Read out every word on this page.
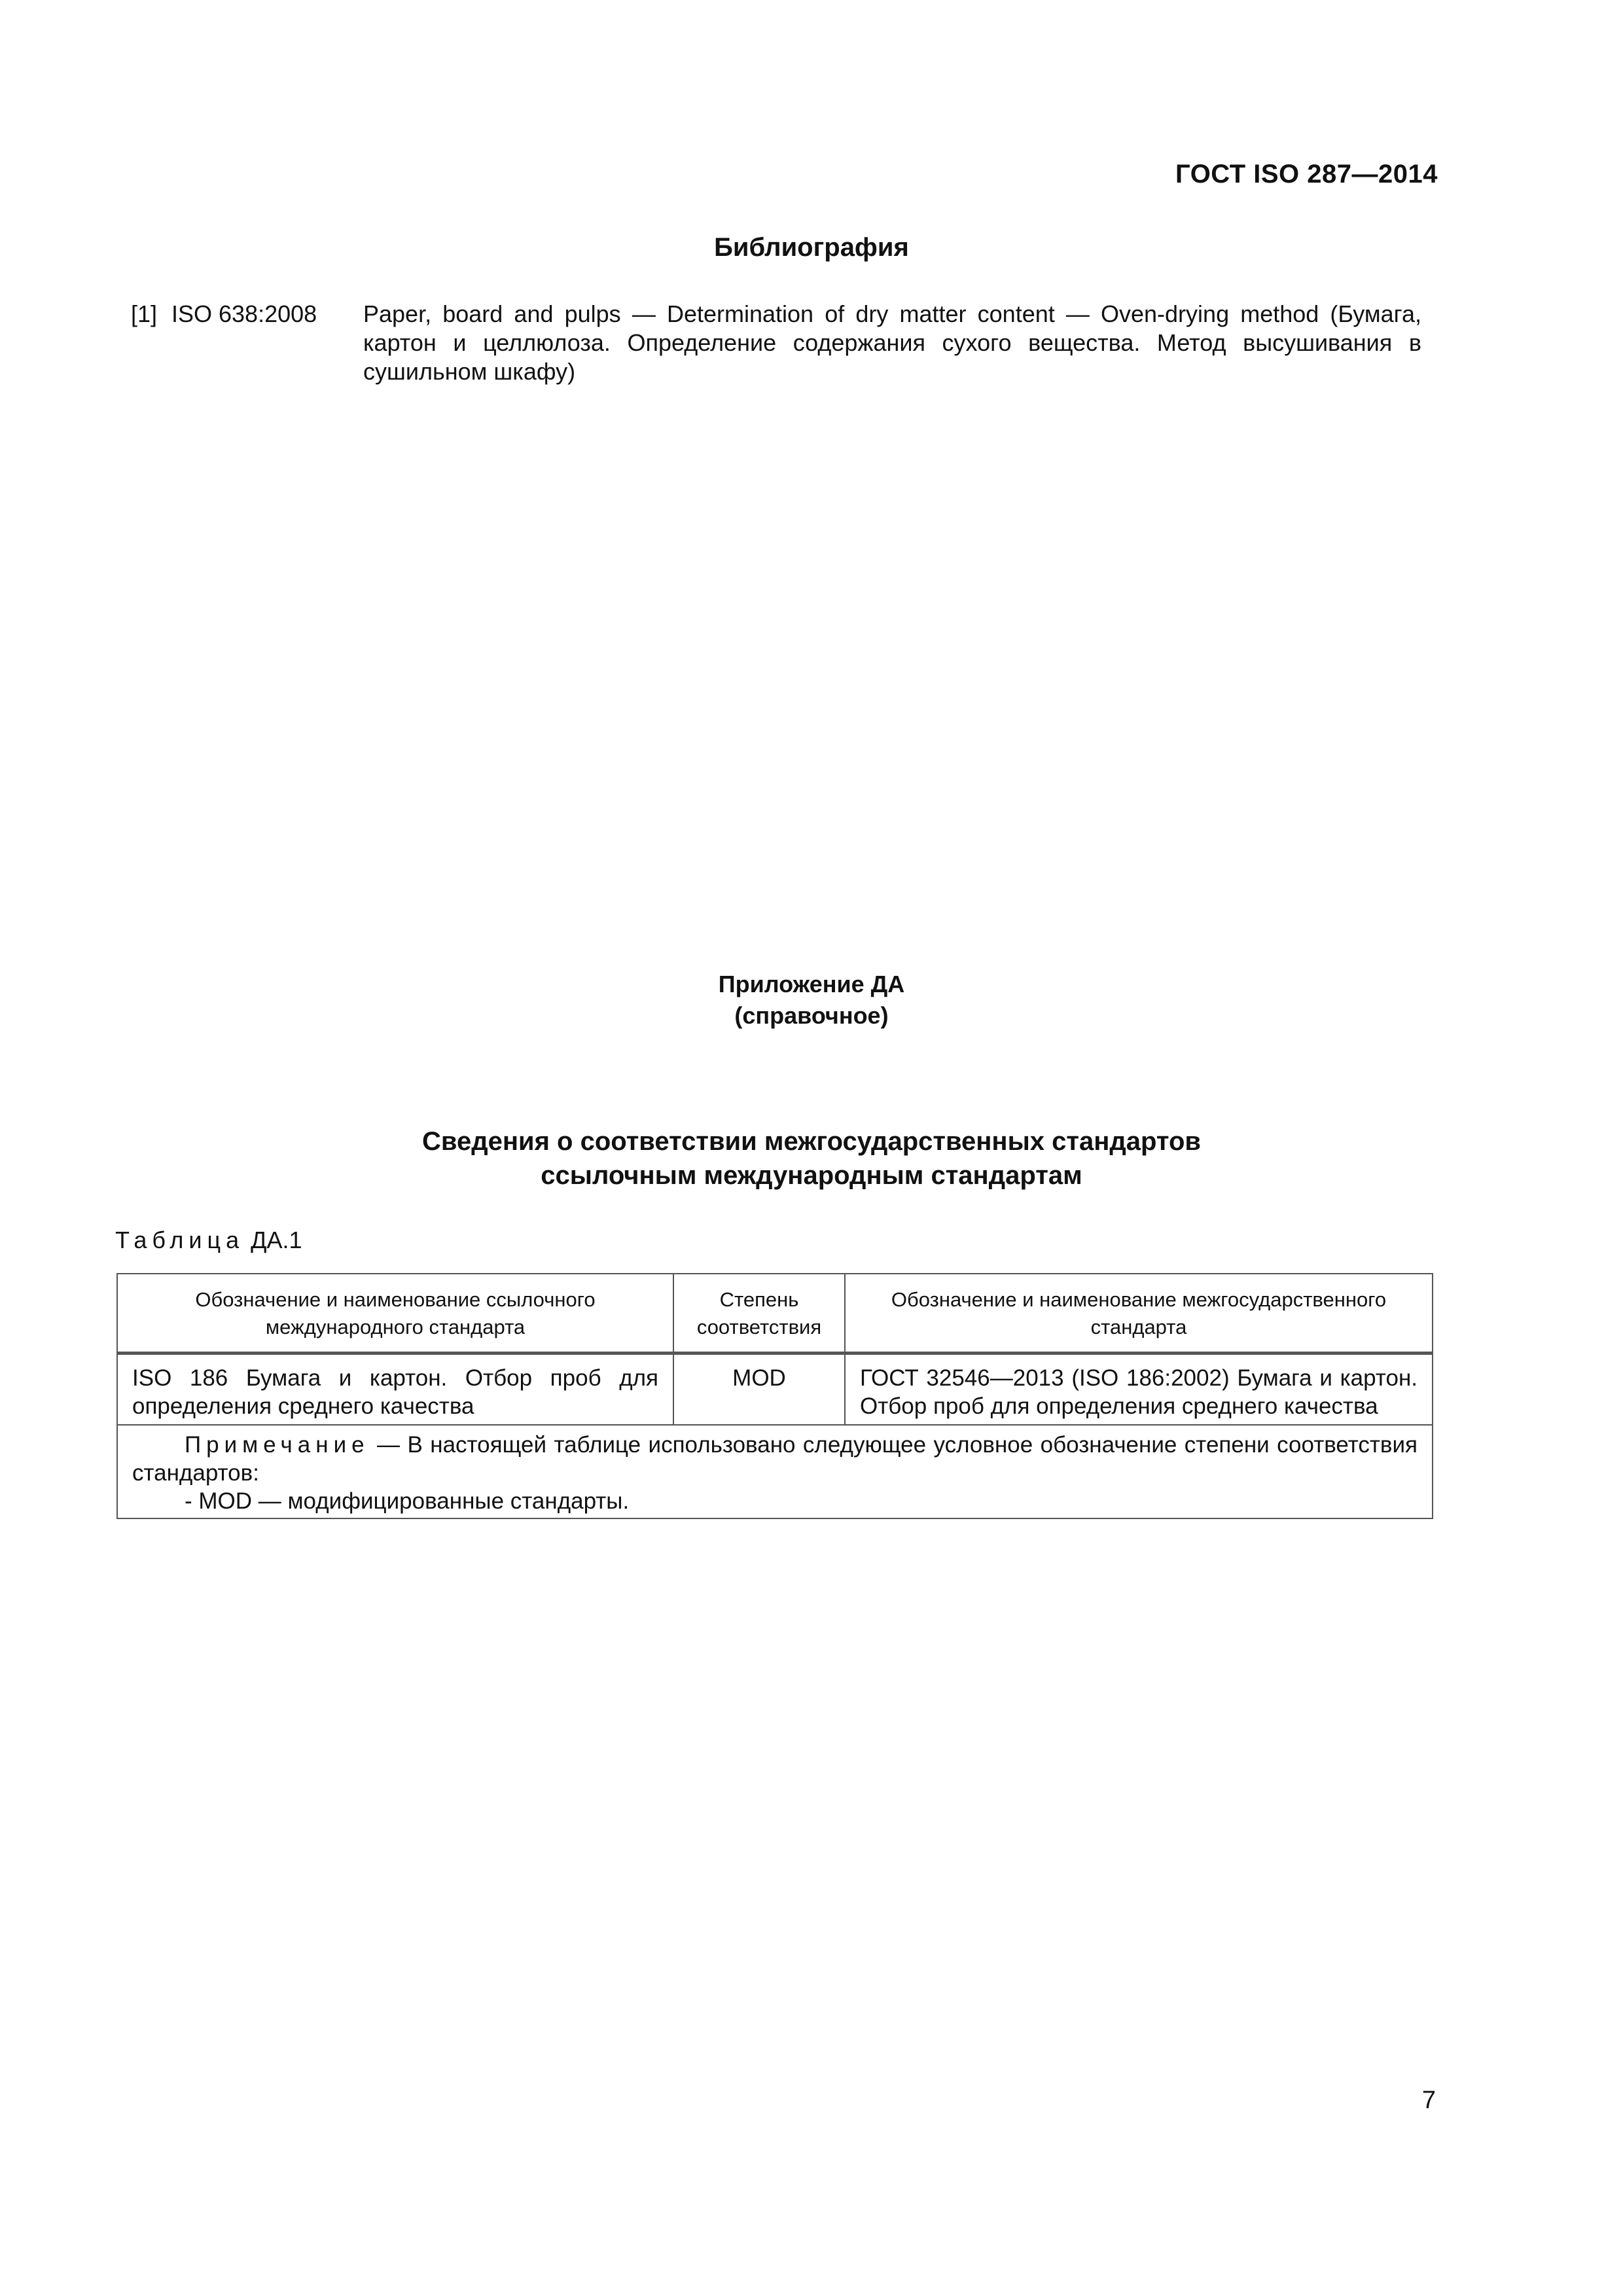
ГОСТ ISO 287—2014
Библиография
[1] ISO 638:2008	Paper, board and pulps — Determination of dry matter content — Oven-drying method (Бумага, картон и целлюлоза. Определение содержания сухого вещества. Метод высушивания в сушильном шкафу)
Приложение ДА
(справочное)
Сведения о соответствии межгосударственных стандартов
ссылочным международным стандартам
Таблица ДА.1
Обозначение и наименование ссылочного международного стандарта	Степень соответствия	Обозначение и наименование межгосударственного стандарта
ISO 186 Бумага и картон. Отбор проб для определения среднего качества	MOD	ГОСТ 32546—2013 (ISO 186:2002) Бумага и картон. Отбор проб для определения среднего качества

Примечание — В настоящей таблице использовано следующее условное обозначение степени соответствия стандартов:
- MOD — модифицированные стандарты.		
7
